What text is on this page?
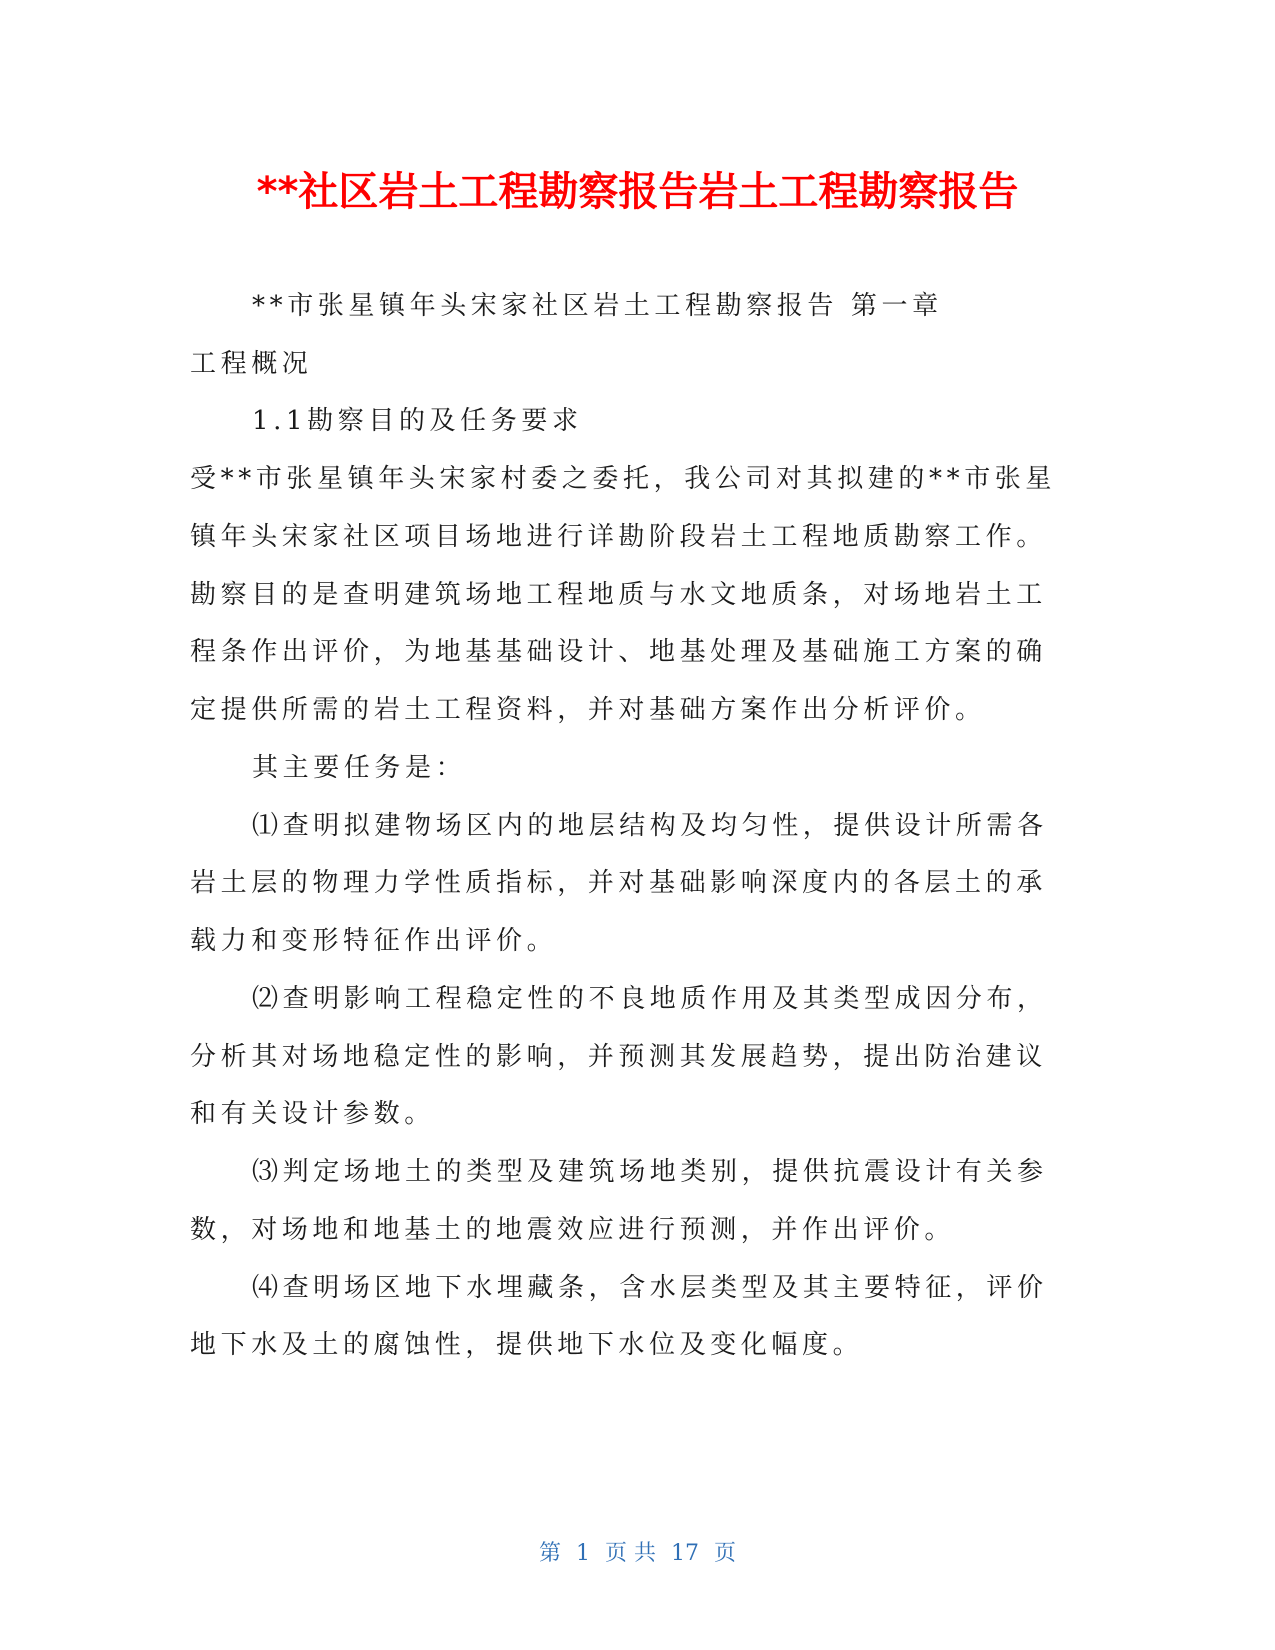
**社区岩土工程勘察报告岩土工程勘察报告
**市张星镇年头宋家社区岩土工程勘察报告 第一章
工程概况
1.1勘察目的及任务要求
受**市张星镇年头宋家村委之委托，我公司对其拟建的**市张星
镇年头宋家社区项目场地进行详勘阶段岩土工程地质勘察工作。
勘察目的是查明建筑场地工程地质与水文地质条，对场地岩土工
程条作出评价，为地基基础设计、地基处理及基础施工方案的确
定提供所需的岩土工程资料，并对基础方案作出分析评价。
其主要任务是：
⑴查明拟建物场区内的地层结构及均匀性，提供设计所需各
岩土层的物理力学性质指标，并对基础影响深度内的各层土的承
载力和变形特征作出评价。
⑵查明影响工程稳定性的不良地质作用及其类型成因分布，
分析其对场地稳定性的影响，并预测其发展趋势，提出防治建议
和有关设计参数。
⑶判定场地土的类型及建筑场地类别，提供抗震设计有关参
数，对场地和地基土的地震效应进行预测，并作出评价。
⑷查明场区地下水埋藏条，含水层类型及其主要特征，评价
地下水及土的腐蚀性，提供地下水位及变化幅度。
第 1 页 共 17 页
